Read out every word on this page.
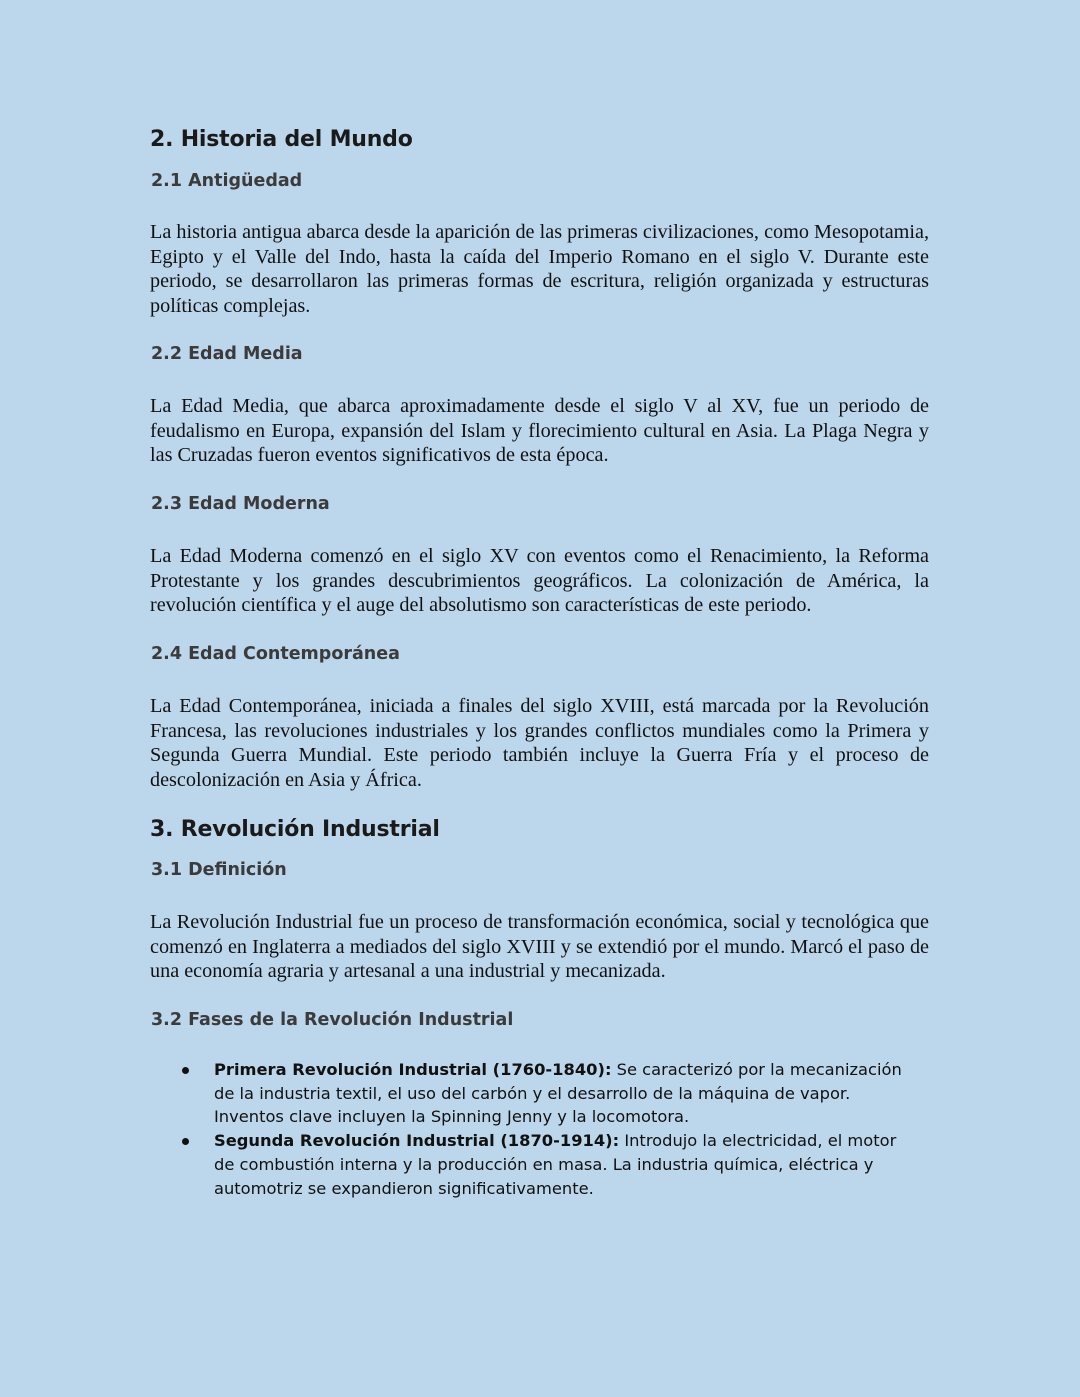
2. Historia del Mundo
2.1 Antigüedad

La historia antigua abarca desde la aparición de las primeras civilizaciones, como Mesopotamia, Egipto y el Valle del Indo, hasta la caída del Imperio Romano en el siglo V. Durante este periodo, se desarrollaron las primeras formas de escritura, religión organizada y estructuras políticas complejas.

2.2 Edad Media

La Edad Media, que abarca aproximadamente desde el siglo V al XV, fue un periodo de feudalismo en Europa, expansión del Islam y florecimiento cultural en Asia. La Plaga Negra y las Cruzadas fueron eventos significativos de esta época.

2.3 Edad Moderna

La Edad Moderna comenzó en el siglo XV con eventos como el Renacimiento, la Reforma Protestante y los grandes descubrimientos geográficos. La colonización de América, la revolución científica y el auge del absolutismo son características de este periodo.

2.4 Edad Contemporánea

La Edad Contemporánea, iniciada a finales del siglo XVIII, está marcada por la Revolución Francesa, las revoluciones industriales y los grandes conflictos mundiales como la Primera y Segunda Guerra Mundial. Este periodo también incluye la Guerra Fría y el proceso de descolonización en Asia y África.

3. Revolución Industrial
3.1 Definición

La Revolución Industrial fue un proceso de transformación económica, social y tecnológica que comenzó en Inglaterra a mediados del siglo XVIII y se extendió por el mundo. Marcó el paso de una economía agraria y artesanal a una industrial y mecanizada.

3.2 Fases de la Revolución Industrial
Primera Revolución Industrial (1760-1840): Se caracterizó por la mecanización de la industria textil, el uso del carbón y el desarrollo de la máquina de vapor. Inventos clave incluyen la Spinning Jenny y la locomotora.
Segunda Revolución Industrial (1870-1914): Introdujo la electricidad, el motor de combustión interna y la producción en masa. La industria química, eléctrica y automotriz se expandieron significativamente.
